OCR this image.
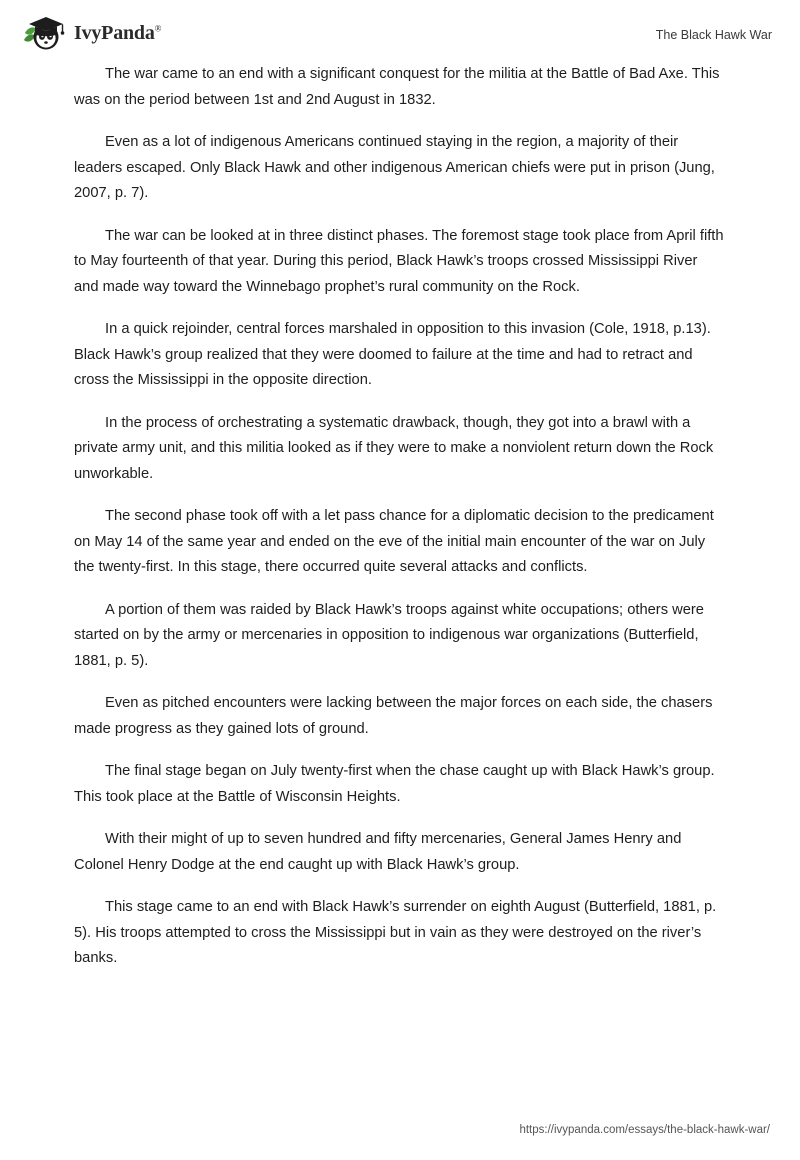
IvyPanda®
The Black Hawk War

The war came to an end with a significant conquest for the militia at the Battle of Bad Axe. This was on the period between 1st and 2nd August in 1832.

Even as a lot of indigenous Americans continued staying in the region, a majority of their leaders escaped. Only Black Hawk and other indigenous American chiefs were put in prison (Jung, 2007, p. 7).

The war can be looked at in three distinct phases. The foremost stage took place from April fifth to May fourteenth of that year. During this period, Black Hawk’s troops crossed Mississippi River and made way toward the Winnebago prophet’s rural community on the Rock.

In a quick rejoinder, central forces marshaled in opposition to this invasion (Cole, 1918, p.13). Black Hawk’s group realized that they were doomed to failure at the time and had to retract and cross the Mississippi in the opposite direction.

In the process of orchestrating a systematic drawback, though, they got into a brawl with a private army unit, and this militia looked as if they were to make a nonviolent return down the Rock unworkable.

The second phase took off with a let pass chance for a diplomatic decision to the predicament on May 14 of the same year and ended on the eve of the initial main encounter of the war on July the twenty-first. In this stage, there occurred quite several attacks and conflicts.

A portion of them was raided by Black Hawk’s troops against white occupations; others were started on by the army or mercenaries in opposition to indigenous war organizations (Butterfield, 1881, p. 5).

Even as pitched encounters were lacking between the major forces on each side, the chasers made progress as they gained lots of ground.

The final stage began on July twenty-first when the chase caught up with Black Hawk’s group. This took place at the Battle of Wisconsin Heights.

With their might of up to seven hundred and fifty mercenaries, General James Henry and Colonel Henry Dodge at the end caught up with Black Hawk’s group.

This stage came to an end with Black Hawk’s surrender on eighth August (Butterfield, 1881, p. 5). His troops attempted to cross the Mississippi but in vain as they were destroyed on the river’s banks.

https://ivypanda.com/essays/the-black-hawk-war/
